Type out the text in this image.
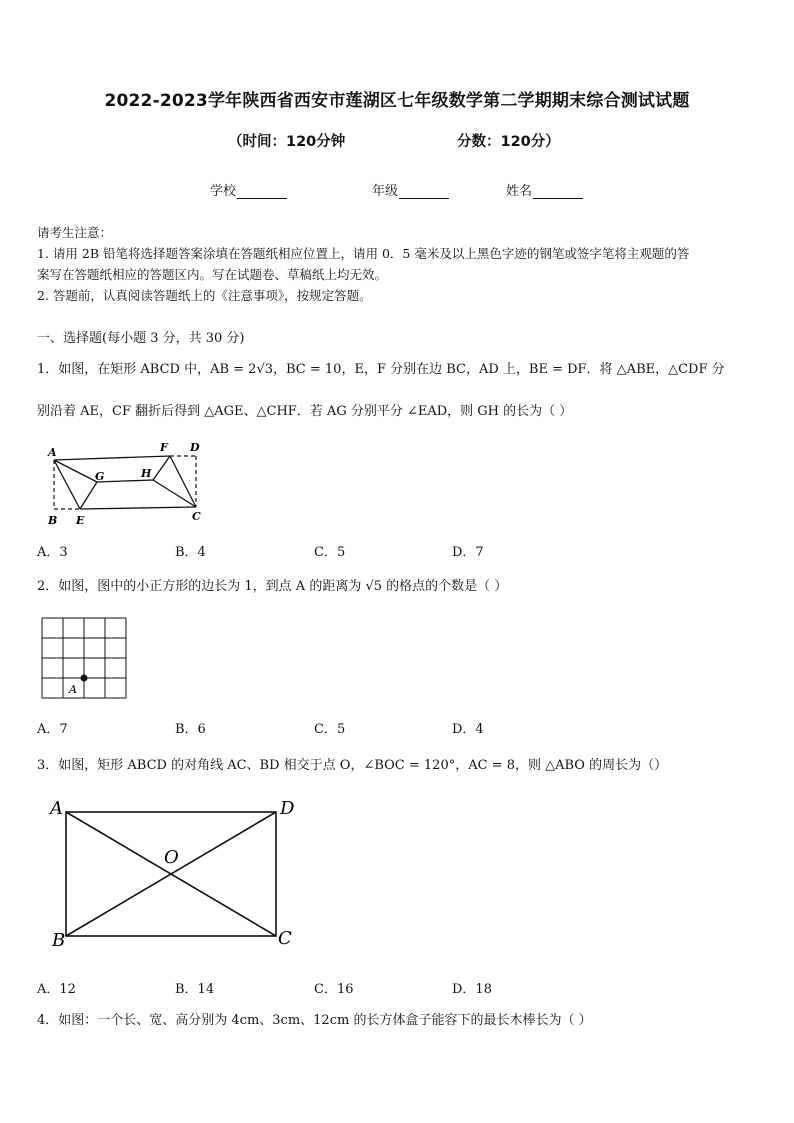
2022-2023学年陕西省西安市莲湖区七年级数学第二学期期末综合测试试题
（时间：120分钟	分数：120分）
学校	年级	姓名
请考生注意：
1. 请用 2B 铅笔将选择题答案涂填在答题纸相应位置上，请用 0．5 毫米及以上黑色字迹的钢笔或签字笔将主观题的答
案写在答题纸相应的答题区内。写在试题卷、草稿纸上均无效。
2. 答题前，认真阅读答题纸上的《注意事项》，按规定答题。
一、选择题(每小题 3 分，共 30 分)
1．如图，在矩形 ABCD 中，AB = 2√3，BC = 10，E，F 分别在边 BC，AD 上，BE = DF．将 △ABE，△CDF 分
别沿着 AE，CF 翻折后得到 △AGE、△CHF．若 AG 分别平分 ∠EAD，则 GH 的长为（ ）
A
B E	C
F D
G	H
A．3	B．4	C．5	D．7
2．如图，图中的小正方形的边长为 1，到点 A 的距离为 √5 的格点的个数是（ ）
A
A．7	B．6	C．5	D．4
3．如图，矩形 ABCD 的对角线 AC、BD 相交于点 O，∠BOC = 120°，AC = 8，则 △ABO 的周长为（）
A	D
B	C
O
A．12	B．14	C．16	D．18
4．如图：一个长、宽、高分别为 4cm、3cm、12cm 的长方体盒子能容下的最长木棒长为（ ）
